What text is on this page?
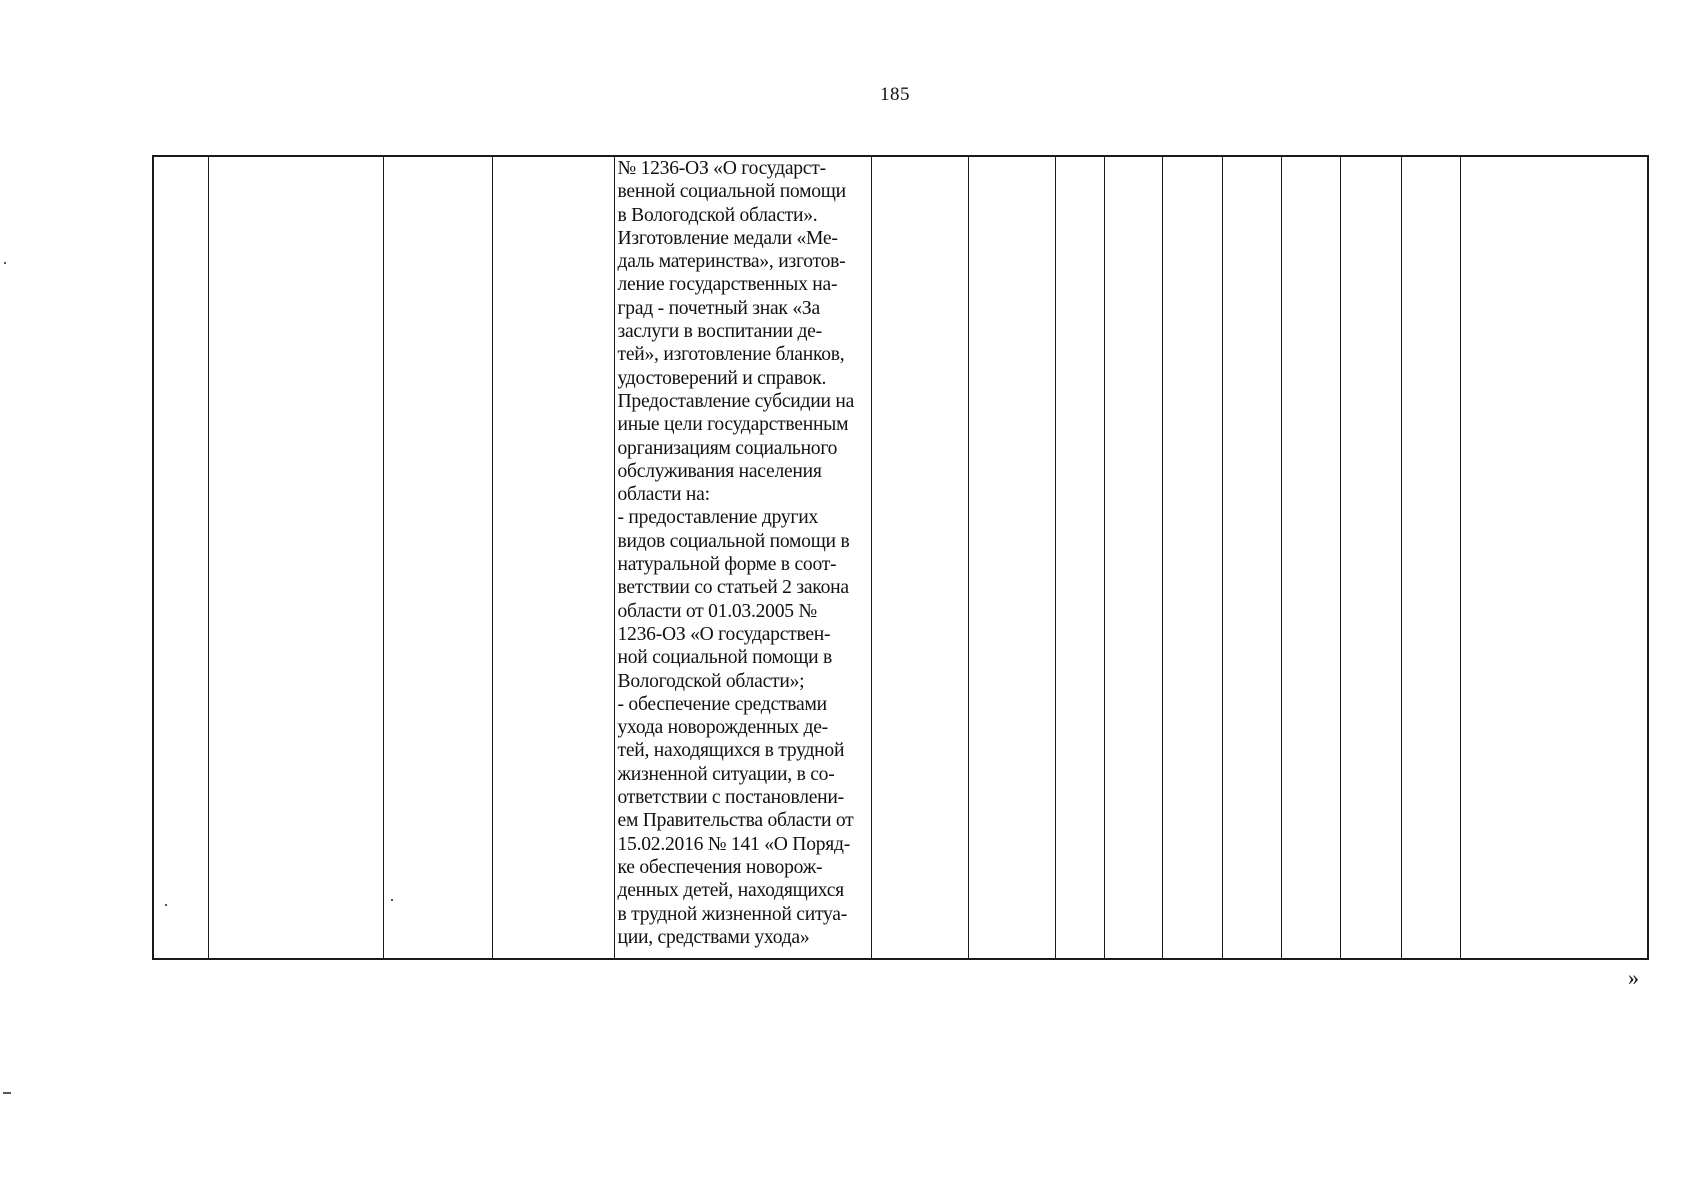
185

№ 1236-ОЗ «О государст-
венной социальной помощи
в Вологодской области».
Изготовление медали «Ме-
даль материнства», изготов-
ление государственных на-
град - почетный знак «За
заслуги в воспитании де-
тей», изготовление бланков,
удостоверений и справок.
Предоставление субсидии на
иные цели государственным
организациям социального
обслуживания населения
области на:
- предоставление других
видов социальной помощи в
натуральной форме в соот-
ветствии со статьей 2 закона
области от 01.03.2005 №
1236-ОЗ «О государствен-
ной социальной помощи в
Вологодской области»;
- обеспечение средствами
ухода новорожденных де-
тей, находящихся в трудной
жизненной ситуации, в со-
ответствии с постановлени-
ем Правительства области от
15.02.2016 № 141 «О Поряд-
ке обеспечения новорож-
денных детей, находящихся
в трудной жизненной ситуа-
ции, средствами ухода»

»
